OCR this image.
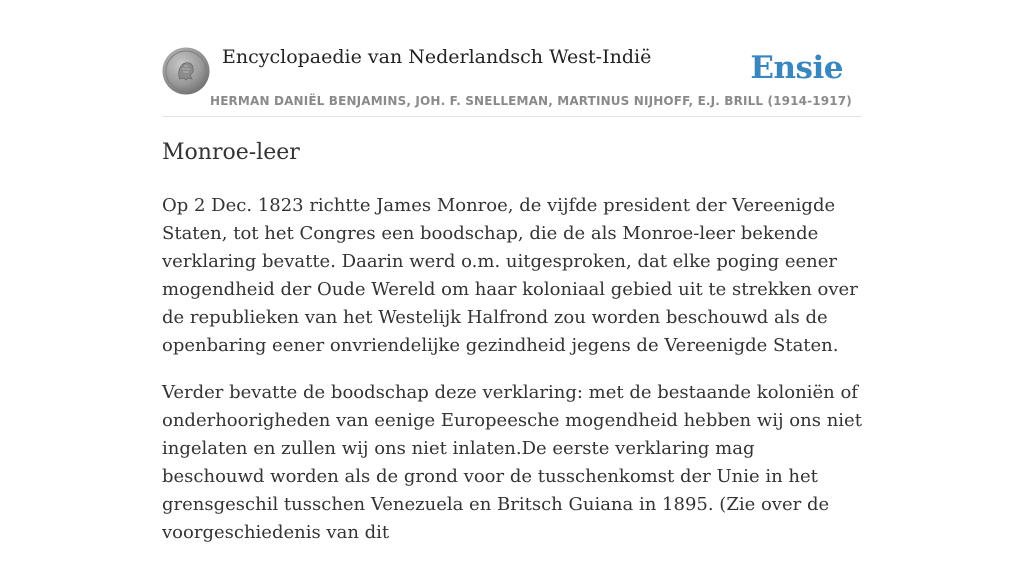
Encyclopaedie van Nederlandsch West-Indië	Ensie
HERMAN DANIËL BENJAMINS, JOH. F. SNELLEMAN, MARTINUS NIJHOFF, E.J. BRILL (1914-1917)
Monroe-leer

Op 2 Dec. 1823 richtte James Monroe, de vijfde president der Vereenigde Staten, tot het Congres een boodschap, die de als Monroe-leer bekende verklaring bevatte. Daarin werd o.m. uitgesproken, dat elke poging eener mogendheid der Oude Wereld om haar koloniaal gebied uit te strekken over de republieken van het Westelijk Halfrond zou worden beschouwd als de openbaring eener onvriendelijke gezindheid jegens de Vereenigde Staten.

Verder bevatte de boodschap deze verklaring: met de bestaande koloniën of onderhoorigheden van eenige Europeesche mogendheid hebben wij ons niet ingelaten en zullen wij ons niet inlaten.De eerste verklaring mag beschouwd worden als de grond voor de tusschenkomst der Unie in het grensgeschil tusschen Venezuela en Britsch Guiana in 1895. (Zie over de voorgeschiedenis van dit
